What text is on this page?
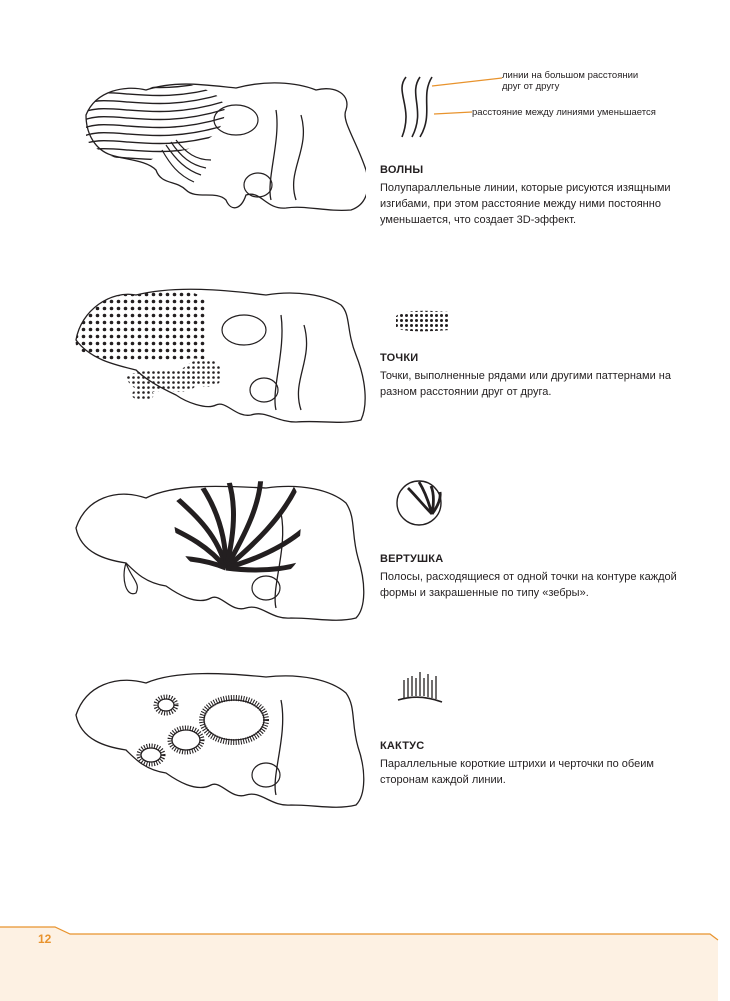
линии на большом расстоянии друг от другу
расстояние между линиями уменьшается
ВОЛНЫ
Полупараллельные линии, которые рисуются изящными изгибами, при этом расстояние между ними постоянно уменьшается, что создает 3D-эффект.
ТОЧКИ
Точки, выполненные рядами или другими паттернами на разном расстоянии друг от друга.
ВЕРТУШКА
Полосы, расходящиеся от одной точки на контуре каждой формы и закрашенные по типу «зебры».
КАКТУС
Параллельные короткие штрихи и черточки по обеим сторонам каждой линии.
12
